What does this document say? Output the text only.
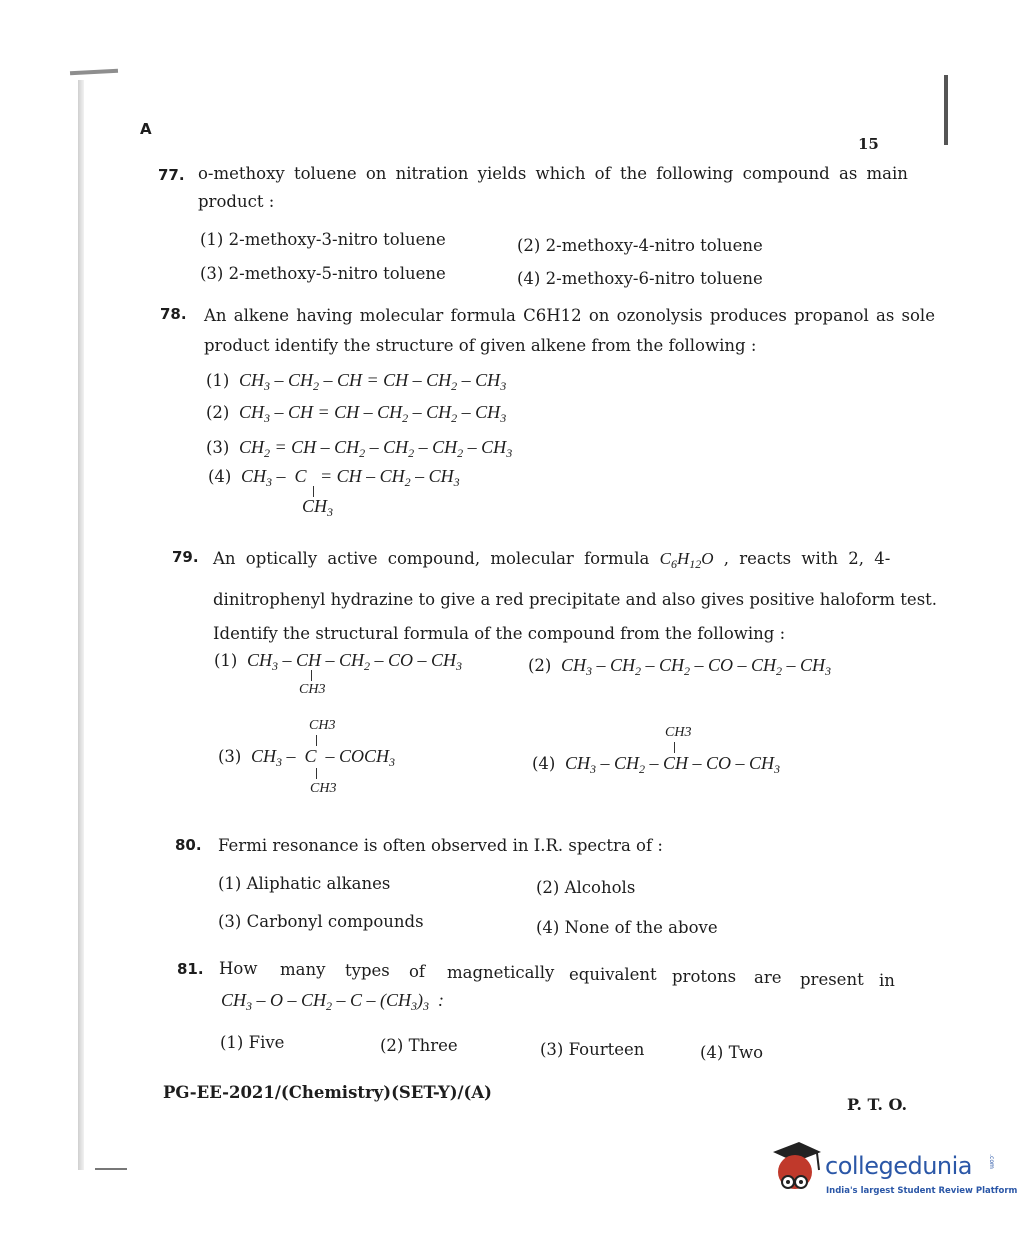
A
15
77. o-methoxy toluene on nitration yields which of the following compound as main
product :
(1) 2-methoxy-3-nitro toluene	(2) 2-methoxy-4-nitro toluene
(3) 2-methoxy-5-nitro toluene	(4) 2-methoxy-6-nitro toluene
78. An alkene having molecular formula C6H12 on ozonolysis produces propanol as sole
product identify the structure of given alkene from the following :
(1)  $CH_3 - CH_2$ – CH = CH – $CH_2 - CH_3$
(2)  $CH_3$ – CH = CH – $CH_2 - CH_2 - CH_3$
(3)  $CH_2$ = CH – $CH_2 - CH_2 - CH_2 - CH_3$
(4)  $CH_3$ –  C   = CH – $CH_2 - CH_3$
$CH_3$
79. An optically active compound, molecular formula $C_6H_{12}O$ , reacts with 2, 4-
dinitrophenyl hydrazine to give a red precipitate and also gives positive haloform test.
Identify the structural formula of the compound from the following :
(1)  $CH_3$ – CH – $CH_2$ – CO – $CH_3$
CH3
(2)  $CH_3 - CH_2 - CH_2$ – CO – $CH_2 - CH_3$
CH3
(3)  $CH_3$ –  C  – $COCH_3$
CH3
CH3
(4)  $CH_3 - CH_2$ – CH – CO – $CH_3$
80. Fermi resonance is often observed in I.R. spectra of :
(1) Aliphatic alkanes	(2) Alcohols
(3) Carbonyl compounds	(4) None of the above
81. How many types of magnetically equivalent protons are present in
$CH_3$ – O – $CH_2$ – C – $(CH_3)_3$  :
(1) Five	(2) Three	(3) Fourteen	(4) Two
PG-EE-2021/(Chemistry)(SET-Y)/(A)
P. T. O.
collegedunia
India's largest Student Review Platform
.com
